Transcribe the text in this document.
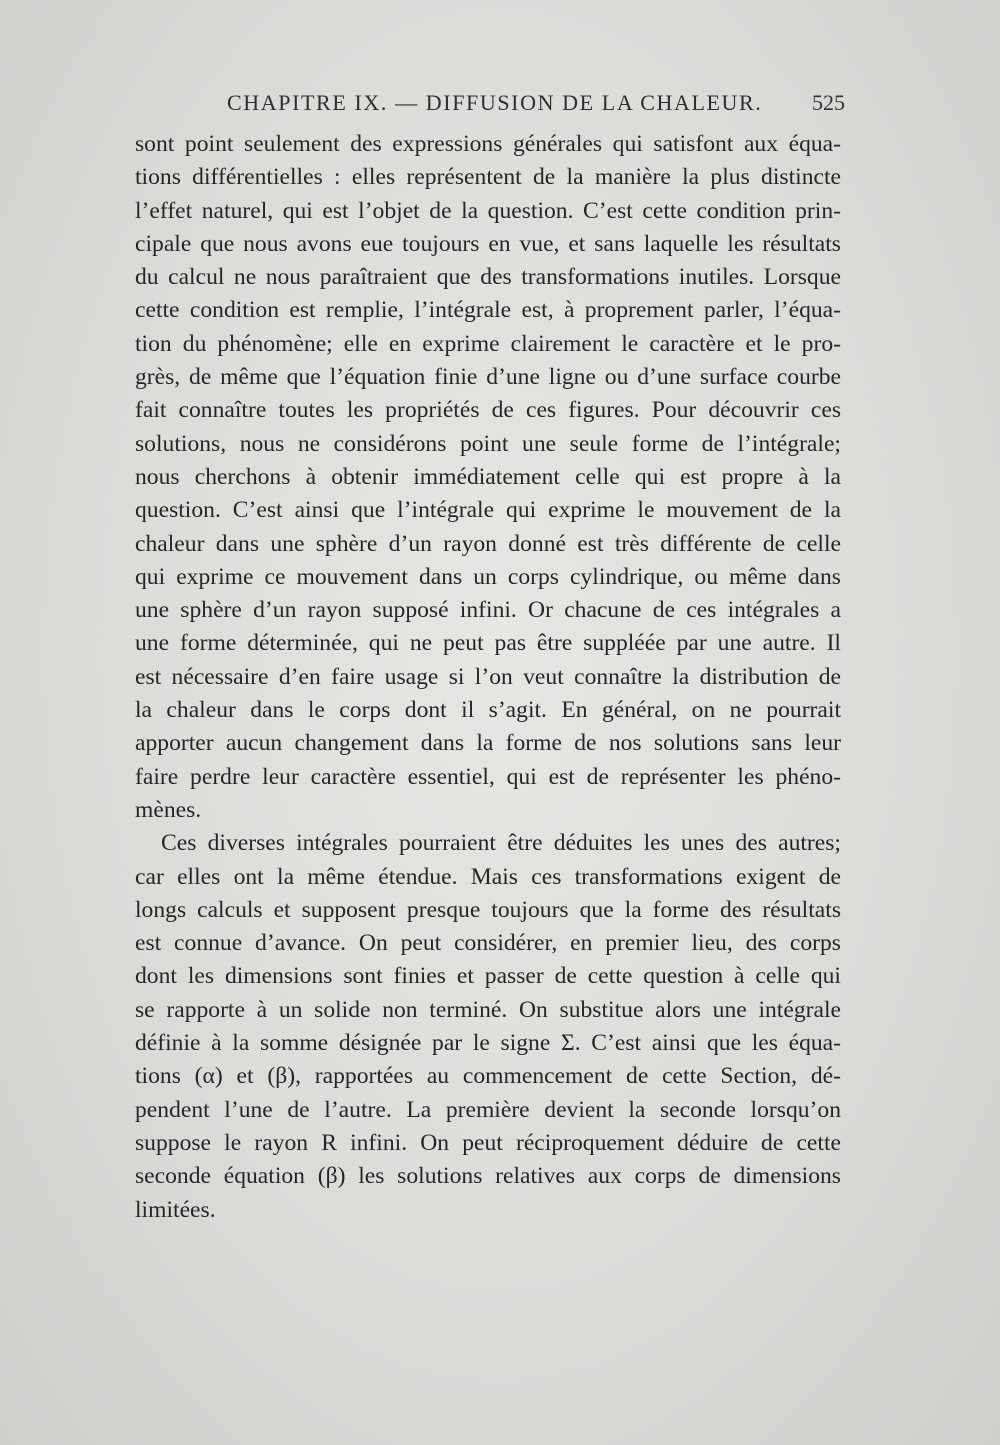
CHAPITRE IX. — DIFFUSION DE LA CHALEUR. 525
sont point seulement des expressions générales qui satisfont aux équa-
tions différentielles : elles représentent de la manière la plus distincte
l’effet naturel, qui est l’objet de la question. C’est cette condition prin-
cipale que nous avons eue toujours en vue, et sans laquelle les résultats
du calcul ne nous paraîtraient que des transformations inutiles. Lorsque
cette condition est remplie, l’intégrale est, à proprement parler, l’équa-
tion du phénomène; elle en exprime clairement le caractère et le pro-
grès, de même que l’équation finie d’une ligne ou d’une surface courbe
fait connaître toutes les propriétés de ces figures. Pour découvrir ces
solutions, nous ne considérons point une seule forme de l’intégrale;
nous cherchons à obtenir immédiatement celle qui est propre à la
question. C’est ainsi que l’intégrale qui exprime le mouvement de la
chaleur dans une sphère d’un rayon donné est très différente de celle
qui exprime ce mouvement dans un corps cylindrique, ou même dans
une sphère d’un rayon supposé infini. Or chacune de ces intégrales a
une forme déterminée, qui ne peut pas être suppléée par une autre. Il
est nécessaire d’en faire usage si l’on veut connaître la distribution de
la chaleur dans le corps dont il s’agit. En général, on ne pourrait
apporter aucun changement dans la forme de nos solutions sans leur
faire perdre leur caractère essentiel, qui est de représenter les phéno-
mènes.
Ces diverses intégrales pourraient être déduites les unes des autres;
car elles ont la même étendue. Mais ces transformations exigent de
longs calculs et supposent presque toujours que la forme des résultats
est connue d’avance. On peut considérer, en premier lieu, des corps
dont les dimensions sont finies et passer de cette question à celle qui
se rapporte à un solide non terminé. On substitue alors une intégrale
définie à la somme désignée par le signe Σ. C’est ainsi que les équa-
tions (α) et (β), rapportées au commencement de cette Section, dé-
pendent l’une de l’autre. La première devient la seconde lorsqu’on
suppose le rayon R infini. On peut réciproquement déduire de cette
seconde équation (β) les solutions relatives aux corps de dimensions
limitées.
